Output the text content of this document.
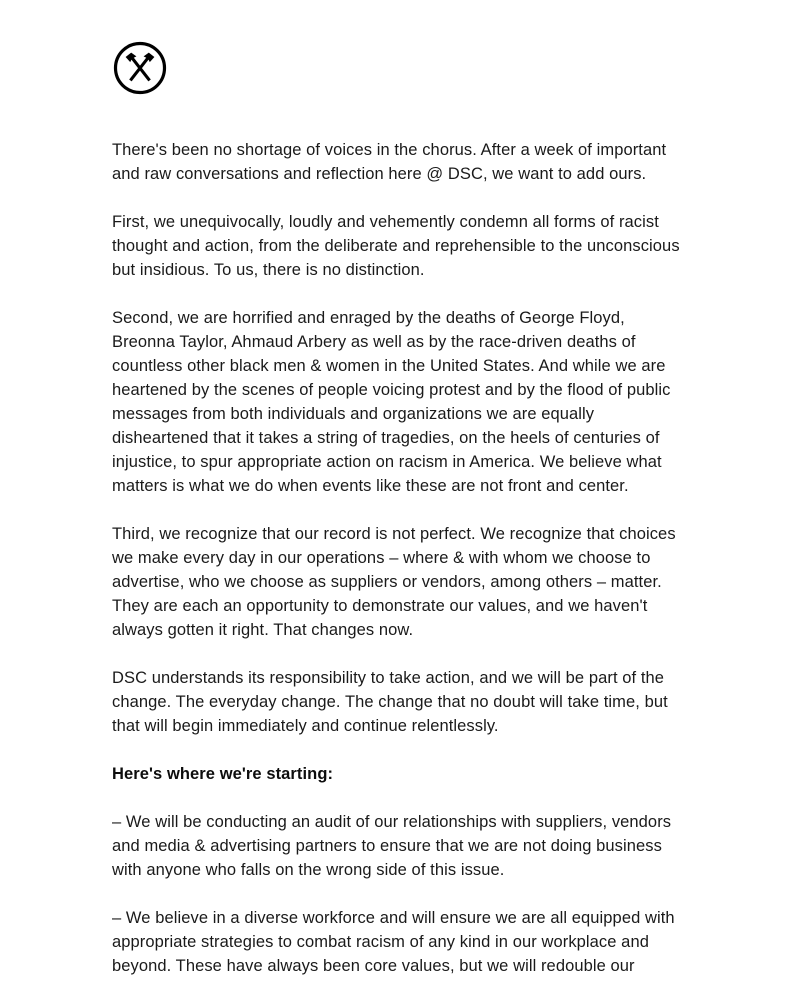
There's been no shortage of voices in the chorus. After a week of important and raw conversations and reflection here @ DSC, we want to add ours.

First, we unequivocally, loudly and vehemently condemn all forms of racist thought and action, from the deliberate and reprehensible to the unconscious but insidious. To us, there is no distinction.

Second, we are horrified and enraged by the deaths of George Floyd, Breonna Taylor, Ahmaud Arbery as well as by the race-driven deaths of countless other black men & women in the United States. And while we are heartened by the scenes of people voicing protest and by the flood of public messages from both individuals and organizations we are equally disheartened that it takes a string of tragedies, on the heels of centuries of injustice, to spur appropriate action on racism in America. We believe what matters is what we do when events like these are not front and center.

Third, we recognize that our record is not perfect. We recognize that choices we make every day in our operations – where & with whom we choose to advertise, who we choose as suppliers or vendors, among others – matter. They are each an opportunity to demonstrate our values, and we haven't always gotten it right. That changes now.

DSC understands its responsibility to take action, and we will be part of the change. The everyday change. The change that no doubt will take time, but that will begin immediately and continue relentlessly.

Here's where we're starting:

– We will be conducting an audit of our relationships with suppliers, vendors and media & advertising partners to ensure that we are not doing business with anyone who falls on the wrong side of this issue.

– We believe in a diverse workforce and will ensure we are all equipped with appropriate strategies to combat racism of any kind in our workplace and beyond. These have always been core values, but we will redouble our
